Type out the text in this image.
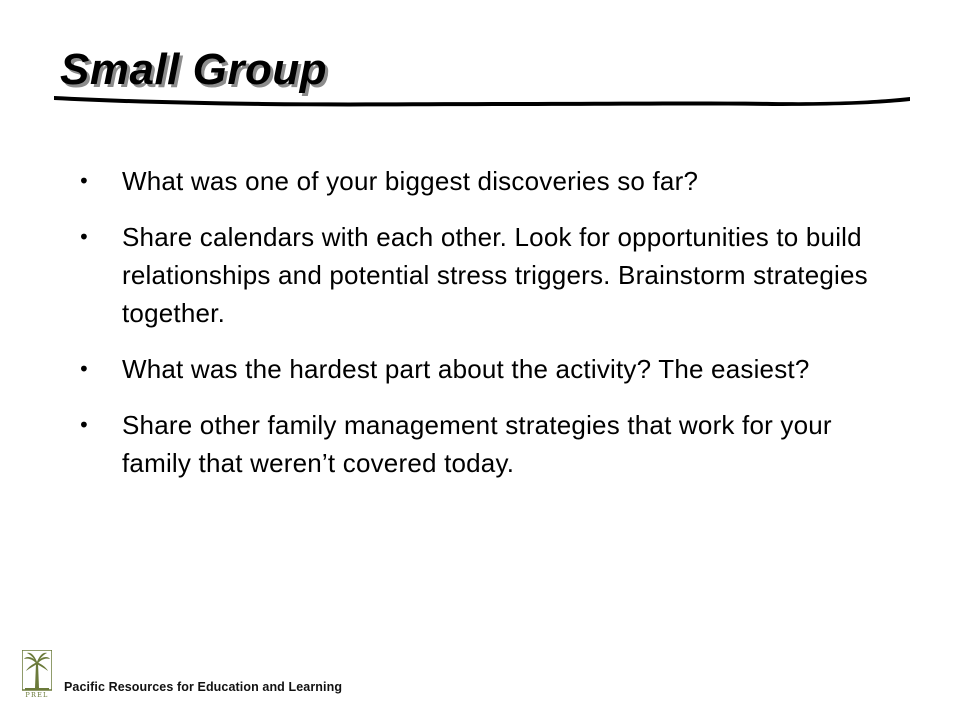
Small Group
• What was one of your biggest discoveries so far?
• Share calendars with each other. Look for opportunities to build relationships and potential stress triggers. Brainstorm strategies together.
• What was the hardest part about the activity? The easiest?
• Share other family management strategies that work for your family that weren’t covered today.
PREL
Pacific Resources for Education and Learning
